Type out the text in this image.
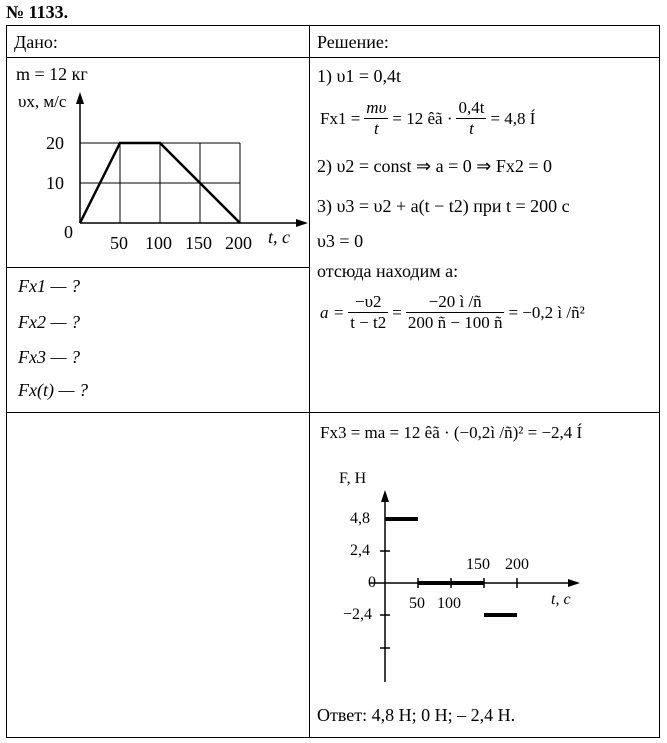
№ 1133.
Дано:	Решение:
m = 12 кг
υx, м/с
20
10
0
50 100 150 200 t, c
Fx1 — ?
Fx2 — ?
Fx3 — ?
Fx(t) — ?
1) υ1 = 0,4t
$Fx1 = \frac{m\upsilon}{t} = 12$ êã · $\frac{0,4t}{t} = 4,8$ Í
2) υ2 = const ⇒ a = 0 ⇒ Fx2 = 0
3) υ3 = υ2 + a(t − t2) при t = 200 c
υ3 = 0
отсюда находим a:
$a = \frac{-\upsilon 2}{t - t2} = \frac{-20 ì /ñ}{200 ñ - 100 ñ} = -0,2$ ì /ñ²
Fx3 = ma = 12 êã · (−0,2ì /ñ)² = −2,4 Í
F, H
4,8
2,4
0
−2,4
150 200
50 100	t, c
Ответ: 4,8 Н; 0 Н; – 2,4 Н.
